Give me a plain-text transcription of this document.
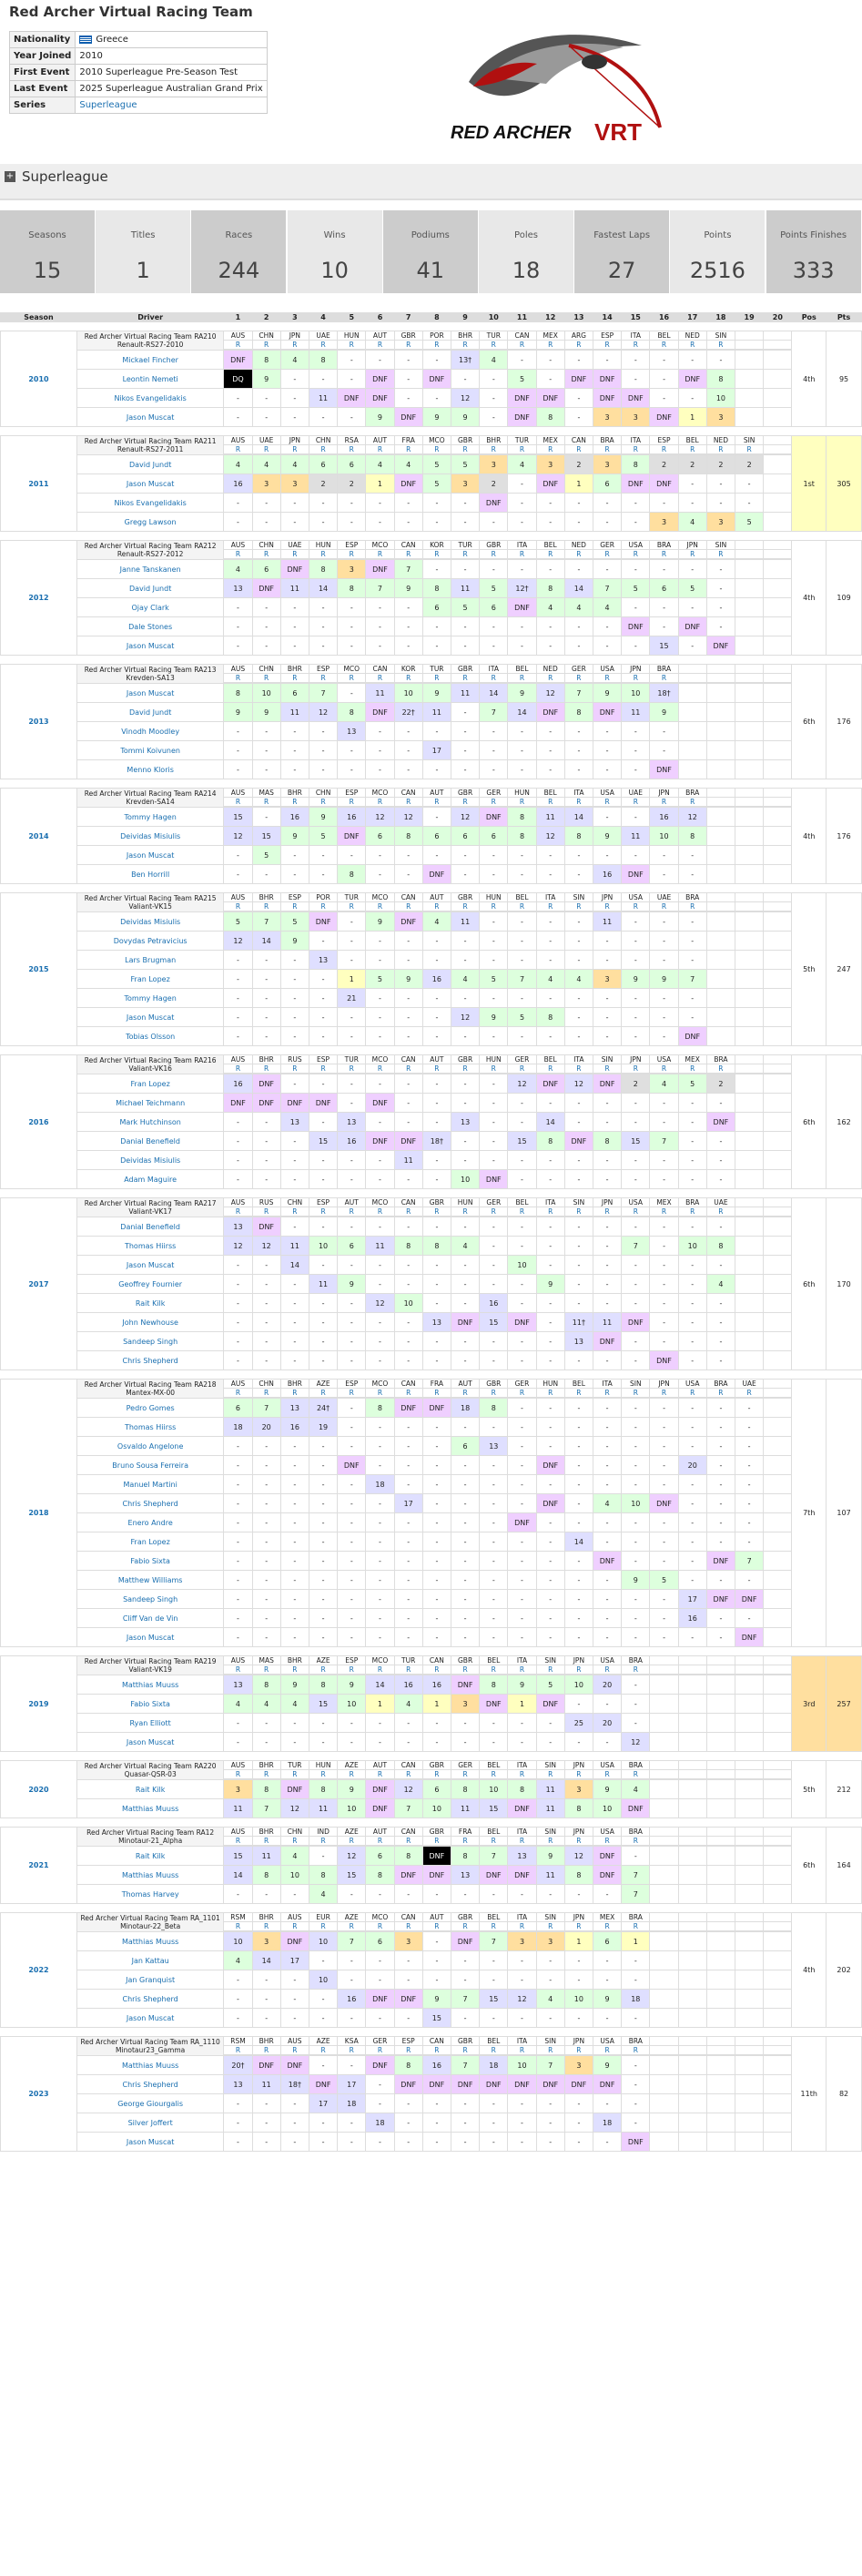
Red Archer Virtual Racing Team
Nationality	Greece
Year Joined	2010
First Event	2010 Superleague Pre-Season Test
Last Event	2025 Superleague Australian Grand Prix
Series	Superleague
RED ARCHER VRT
+ Superleague
Seasons
15
Titles
1
Races
244
Wins
10
Podiums
41
Poles
18
Fastest Laps
27
Points
2516
Points Finishes
333
Season	Driver	1	2	3	4	5	6	7	8	9	10	11	12	13	14	15	16	17	18	19	20	Pos	Pts

2010	Red Archer Virtual Racing Team RA210
Renault-RS27-2010	AUS	CHN	JPN	UAE	HUN	AUT	GBR	POR	BHR	TUR	CAN	MEX	ARG	ESP	ITA	BEL	NED	SIN			4th	95
		R	R	R	R	R	R	R	R	R	R	R	R	R	R	R	R	R	R				

	Mickael Fincher	DNF	8	4	8	-	-	-	-	13†	4	-	-	-	-	-	-	-	-				
	Leontin Nemeti	DQ	9	-	-	-	DNF	-	DNF	-	-	5	-	DNF	DNF	-	-	DNF	8				
	Nikos Evangelidakis	-	-	-	11	DNF	DNF	-	-	12	-	DNF	DNF	-	DNF	DNF	-	-	10				
	Jason Muscat	-	-	-	-	-	9	DNF	9	9	-	DNF	8	-	3	3	DNF	1	3				

2011	Red Archer Virtual Racing Team RA211
Renault-RS27-2011	AUS	UAE	JPN	CHN	RSA	AUT	FRA	MCO	GBR	BHR	TUR	MEX	CAN	BRA	ITA	ESP	BEL	NED	SIN		1st	305
		R	R	R	R	R	R	R	R	R	R	R	R	R	R	R	R	R	R	R			

	David Jundt	4	4	4	6	6	4	4	5	5	3	4	3	2	3	8	2	2	2	2			
	Jason Muscat	16	3	3	2	2	1	DNF	5	3	2	-	DNF	1	6	DNF	DNF	-	-	-			
	Nikos Evangelidakis	-	-	-	-	-	-	-	-	-	DNF	-	-	-	-	-	-	-	-	-			
	Gregg Lawson	-	-	-	-	-	-	-	-	-	-	-	-	-	-	-	3	4	3	5			

2012	Red Archer Virtual Racing Team RA212
Renault-RS27-2012	AUS	CHN	UAE	HUN	ESP	MCO	CAN	KOR	TUR	GBR	ITA	BEL	NED	GER	USA	BRA	JPN	SIN			4th	109
		R	R	R	R	R	R	R	R	R	R	R	R	R	R	R	R	R	R				

	Janne Tanskanen	4	6	DNF	8	3	DNF	7	-	-	-	-	-	-	-	-	-	-	-				
	David Jundt	13	DNF	11	14	8	7	9	8	11	5	12†	8	14	7	5	6	5	-				
	Ojay Clark	-	-	-	-	-	-	-	6	5	6	DNF	4	4	4	-	-	-	-				
	Dale Stones	-	-	-	-	-	-	-	-	-	-	-	-	-	-	DNF	-	DNF	-				
	Jason Muscat	-	-	-	-	-	-	-	-	-	-	-	-	-	-	-	15	-	DNF				

2013	Red Archer Virtual Racing Team RA213
Krevden-SA13	AUS	CHN	BHR	ESP	MCO	CAN	KOR	TUR	GBR	ITA	BEL	NED	GER	USA	JPN	BRA					6th	176
		R	R	R	R	R	R	R	R	R	R	R	R	R	R	R	R						

	Jason Muscat	8	10	6	7	-	11	10	9	11	14	9	12	7	9	10	18†						
	David Jundt	9	9	11	12	8	DNF	22†	11	-	7	14	DNF	8	DNF	11	9						
	Vinodh Moodley	-	-	-	-	13	-	-	-	-	-	-	-	-	-	-	-						
	Tommi Koivunen	-	-	-	-	-	-	-	17	-	-	-	-	-	-	-	-						
	Menno Kloris	-	-	-	-	-	-	-	-	-	-	-	-	-	-	-	DNF						

2014	Red Archer Virtual Racing Team RA214
Krevden-SA14	AUS	MAS	BHR	CHN	ESP	MCO	CAN	AUT	GBR	GER	HUN	BEL	ITA	USA	UAE	JPN	BRA				4th	176
		R	R	R	R	R	R	R	R	R	R	R	R	R	R	R	R	R					

	Tommy Hagen	15	-	16	9	16	12	12	-	12	DNF	8	11	14	-	-	16	12					
	Deividas Misiulis	12	15	9	5	DNF	6	8	6	6	6	8	12	8	9	11	10	8					
	Jason Muscat	-	5	-	-	-	-	-	-	-	-	-	-	-	-	-	-	-					
	Ben Horrill	-	-	-	-	8	-	-	DNF	-	-	-	-	-	16	DNF	-	-					

2015	Red Archer Virtual Racing Team RA215
Valiant-VK15	AUS	BHR	ESP	POR	TUR	MCO	CAN	AUT	GBR	HUN	BEL	ITA	SIN	JPN	USA	UAE	BRA				5th	247
		R	R	R	R	R	R	R	R	R	R	R	R	R	R	R	R	R					

	Deividas Misiulis	5	7	5	DNF	-	9	DNF	4	11	-	-	-	-	11	-	-	-					
	Dovydas Petravicius	12	14	9	-	-	-	-	-	-	-	-	-	-	-	-	-	-					
	Lars Brugman	-	-	-	13	-	-	-	-	-	-	-	-	-	-	-	-	-					
	Fran Lopez	-	-	-	-	1	5	9	16	4	5	7	4	4	3	9	9	7					
	Tommy Hagen	-	-	-	-	21	-	-	-	-	-	-	-	-	-	-	-	-					
	Jason Muscat	-	-	-	-	-	-	-	-	12	9	5	8	-	-	-	-	-					
	Tobias Olsson	-	-	-	-	-	-	-	-	-	-	-	-	-	-	-	-	DNF					

2016	Red Archer Virtual Racing Team RA216
Valiant-VK16	AUS	BHR	RUS	ESP	TUR	MCO	CAN	AUT	GBR	HUN	GER	BEL	ITA	SIN	JPN	USA	MEX	BRA			6th	162
		R	R	R	R	R	R	R	R	R	R	R	R	R	R	R	R	R	R				

	Fran Lopez	16	DNF	-	-	-	-	-	-	-	-	12	DNF	12	DNF	2	4	5	2				
	Michael Teichmann	DNF	DNF	DNF	DNF	-	DNF	-	-	-	-	-	-	-	-	-	-	-	-				
	Mark Hutchinson	-	-	13	-	13	-	-	-	13	-	-	14	-	-	-	-	-	DNF				
	Danial Benefield	-	-	-	15	16	DNF	DNF	18†	-	-	15	8	DNF	8	15	7	-	-				
	Deividas Misiulis	-	-	-	-	-	-	11	-	-	-	-	-	-	-	-	-	-	-				
	Adam Maguire	-	-	-	-	-	-	-	-	10	DNF	-	-	-	-	-	-	-	-				

2017	Red Archer Virtual Racing Team RA217
Valiant-VK17	AUS	RUS	CHN	ESP	AUT	MCO	CAN	GBR	HUN	GER	BEL	ITA	SIN	JPN	USA	MEX	BRA	UAE			6th	170
		R	R	R	R	R	R	R	R	R	R	R	R	R	R	R	R	R	R				

	Danial Benefield	13	DNF	-	-	-	-	-	-	-	-	-	-	-	-	-	-	-	-				
	Thomas Hiirss	12	12	11	10	6	11	8	8	4	-	-	-	-	-	7	-	10	8				
	Jason Muscat	-	-	14	-	-	-	-	-	-	-	10	-	-	-	-	-	-	-				
	Geoffrey Fournier	-	-	-	11	9	-	-	-	-	-	-	9	-	-	-	-	-	4				
	Rait Kilk	-	-	-	-	-	12	10	-	-	16	-	-	-	-	-	-	-	-				
	John Newhouse	-	-	-	-	-	-	-	13	DNF	15	DNF	-	11†	11	DNF	-	-	-				
	Sandeep Singh	-	-	-	-	-	-	-	-	-	-	-	-	13	DNF	-	-	-	-				
	Chris Shepherd	-	-	-	-	-	-	-	-	-	-	-	-	-	-	-	DNF	-	-				

2018	Red Archer Virtual Racing Team RA218
Mantex-MX-00	AUS	CHN	BHR	AZE	ESP	MCO	CAN	FRA	AUT	GBR	GER	HUN	BEL	ITA	SIN	JPN	USA	BRA	UAE		7th	107
		R	R	R	R	R	R	R	R	R	R	R	R	R	R	R	R	R	R	R			

	Pedro Gomes	6	7	13	24†	-	8	DNF	DNF	18	8	-	-	-	-	-	-	-	-	-			
	Thomas Hiirss	18	20	16	19	-	-	-	-	-	-	-	-	-	-	-	-	-	-	-			
	Osvaldo Angelone	-	-	-	-	-	-	-	-	6	13	-	-	-	-	-	-	-	-	-			
	Bruno Sousa Ferreira	-	-	-	-	DNF	-	-	-	-	-	-	DNF	-	-	-	-	20	-	-			
	Manuel Martini	-	-	-	-	-	18	-	-	-	-	-	-	-	-	-	-	-	-	-			
	Chris Shepherd	-	-	-	-	-	-	17	-	-	-	-	DNF	-	4	10	DNF	-	-	-			
	Enero Andre	-	-	-	-	-	-	-	-	-	-	DNF	-	-	-	-	-	-	-	-			
	Fran Lopez	-	-	-	-	-	-	-	-	-	-	-	-	14	-	-	-	-	-	-			
	Fabio Sixta	-	-	-	-	-	-	-	-	-	-	-	-	-	DNF	-	-	-	DNF	7			
	Matthew Williams	-	-	-	-	-	-	-	-	-	-	-	-	-	-	9	5	-	-	-			
	Sandeep Singh	-	-	-	-	-	-	-	-	-	-	-	-	-	-	-	-	17	DNF	DNF			
	Cliff Van de Vin	-	-	-	-	-	-	-	-	-	-	-	-	-	-	-	-	16	-	-			
	Jason Muscat	-	-	-	-	-	-	-	-	-	-	-	-	-	-	-	-	-	-	DNF			

2019	Red Archer Virtual Racing Team RA219
Valiant-VK19	AUS	MAS	BHR	AZE	ESP	MCO	TUR	CAN	GBR	BEL	ITA	SIN	JPN	USA	BRA						3rd	257
		R	R	R	R	R	R	R	R	R	R	R	R	R	R	R							

	Matthias Muuss	13	8	9	8	9	14	16	16	DNF	8	9	5	10	20	-							
	Fabio Sixta	4	4	4	15	10	1	4	1	3	DNF	1	DNF	-	-	-							
	Ryan Elliott	-	-	-	-	-	-	-	-	-	-	-	-	25	20	-							
	Jason Muscat	-	-	-	-	-	-	-	-	-	-	-	-	-	-	12							

2020	Red Archer Virtual Racing Team RA220
Quasar-QSR-03	AUS	BHR	TUR	HUN	AZE	AUT	CAN	GBR	GER	BEL	ITA	SIN	JPN	USA	BRA						5th	212
		R	R	R	R	R	R	R	R	R	R	R	R	R	R	R							

	Rait Kilk	3	8	DNF	8	9	DNF	12	6	8	10	8	11	3	9	4							
	Matthias Muuss	11	7	12	11	10	DNF	7	10	11	15	DNF	11	8	10	DNF							

2021	Red Archer Virtual Racing Team RA12
Minotaur-21_Alpha	AUS	BHR	CHN	IND	AZE	AUT	CAN	GBR	FRA	BEL	ITA	SIN	JPN	USA	BRA						6th	164
		R	R	R	R	R	R	R	R	R	R	R	R	R	R	R							

	Rait Kilk	15	11	4	-	12	6	8	DNF	8	7	13	9	12	DNF	-							
	Matthias Muuss	14	8	10	8	15	8	DNF	DNF	13	DNF	DNF	11	8	DNF	7							
	Thomas Harvey	-	-	-	4	-	-	-	-	-	-	-	-	-	-	7							

2022	Red Archer Virtual Racing Team RA_1101
Minotaur-22_Beta	RSM	BHR	AUS	EUR	AZE	MCO	CAN	AUT	GBR	BEL	ITA	SIN	JPN	MEX	BRA						4th	202
		R	R	R	R	R	R	R	R	R	R	R	R	R	R	R							

	Matthias Muuss	10	3	DNF	10	7	6	3	-	DNF	7	3	3	1	6	1							
	Jan Kattau	4	14	17	-	-	-	-	-	-	-	-	-	-	-	-							
	Jan Granquist	-	-	-	10	-	-	-	-	-	-	-	-	-	-	-							
	Chris Shepherd	-	-	-	-	16	DNF	DNF	9	7	15	12	4	10	9	18							
	Jason Muscat	-	-	-	-	-	-	-	15	-	-	-	-	-	-	-							

2023	Red Archer Virtual Racing Team RA_1110
Minotaur23_Gamma	RSM	BHR	AUS	AZE	KSA	GER	ESP	CAN	GBR	BEL	ITA	SIN	JPN	USA	BRA						11th	82
		R	R	R	R	R	R	R	R	R	R	R	R	R	R	R							

	Matthias Muuss	20†	DNF	DNF	-	-	DNF	8	16	7	18	10	7	3	9	-							
	Chris Shepherd	13	11	18†	DNF	17	-	DNF	DNF	DNF	DNF	DNF	DNF	DNF	DNF	-							
	George Giourgalis	-	-	-	17	18	-	-	-	-	-	-	-	-	-	-							
	Silver Joffert	-	-	-	-	-	18	-	-	-	-	-	-	-	18	-							
	Jason Muscat	-	-	-	-	-	-	-	-	-	-	-	-	-	-	DNF							
